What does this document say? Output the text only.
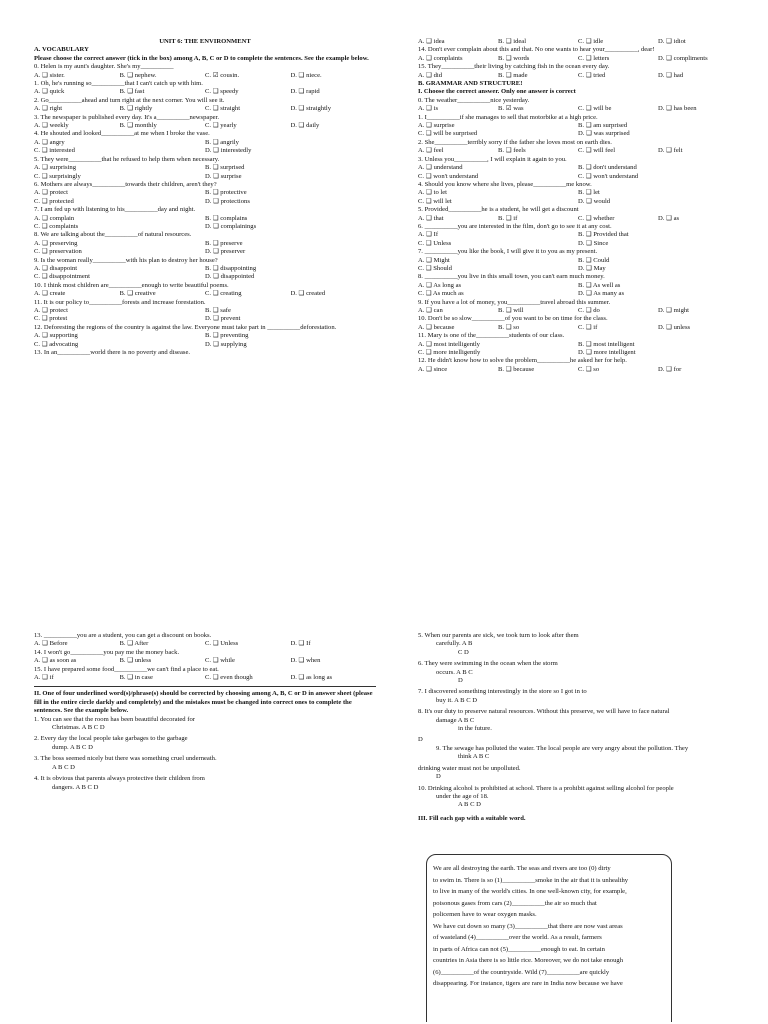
UNIT 6: THE ENVIRONMENT
A. VOCABULARY
Please choose the correct answer (tick in the box) among A, B, C or D to complete the sentences. See the example below.
0. Helen is my aunt's daughter. She's my__________
A. ❑ sister.	B. ❑ nephew.	C. ☑ cousin.	D. ❑ niece.
1. Oh, he's running so__________that I can't catch up with him.
A. ❑ quick	B. ❑ fast	C. ❑ speedy	D. ❑ rapid
2. Go__________ahead and turn right at the next corner. You will see it.
A. ❑ right	B. ❑ rightly	C. ❑ straight	D. ❑ straightly
3. The newspaper is published every day. It's a__________newspaper.
A. ❑ weekly	B. ❑ monthly	C. ❑ yearly	D. ❑ daily
4. He shouted and looked__________at me when I broke the vase.
A. ❑ angry	B. ❑ angrily
C. ❑ interested	D. ❑ interestedly
5. They were__________that he refused to help them when necessary.
A. ❑ surprising	B. ❑ surprised
C. ❑ surprisingly	D. ❑ surprise
6. Mothers are always__________towards their children, aren't they?
A. ❑ protect	B. ❑ protective
C. ❑ protected	D. ❑ protections
7. I am fed up with listening to his__________day and night.
A. ❑ complain	B. ❑ complains
C. ❑ complaints	D. ❑ complainings
8. We are talking about the__________of natural resources.
A. ❑ preserving	B. ❑ preserve
C. ❑ preservation	D. ❑ preserver
9. Is the woman really__________with his plan to destroy her house?
A. ❑ disappoint	B. ❑ disappointing
C. ❑ disappointment	D. ❑ disappointed
10. I think most children are__________enough to write beautiful poems.
A. ❑ create	B. ❑ creative	C. ❑ creating	D. ❑ created
11. It is our policy to__________forests and increase forestation.
A. ❑ protect	B. ❑ safe
C. ❑ protest	D. ❑ prevent
12. Deforesting the regions of the country is against the law. Everyone must take part in __________deforestation.
A. ❑ supporting	B. ❑ preventing
C. ❑ advocating	D. ❑ supplying
13. In an__________world there is no poverty and disease.
A. ❑ idea	B. ❑ ideal	C. ❑ idle	D. ❑ idiot
14. Don't ever complain about this and that. No one wants to hear your__________, dear!
A. ❑ complaints	B. ❑ words	C. ❑ letters	D. ❑ compliments
15. They__________their living by catching fish in the ocean every day.
A. ❑ did	B. ❑ made	C. ❑ tried	D. ❑ had
B. GRAMMAR AND STRUCTURE!
I. Choose the correct answer. Only one answer is correct
0. The weather__________nice yesterday.
A. ❑ is	B. ☑ was	C. ❑ will be	D. ❑ has been
1. I__________if she manages to sell that motorbike at a high price.
A. ❑ surprise	B. ❑ am surprised
C. ❑ will be surprised	D. ❑ was surprised
2. She__________terribly sorry if the father she loves most on earth dies.
A. ❑ feel	B. ❑ feels	C. ❑ will feel	D. ❑ felt
3. Unless you__________, I will explain it again to you.
A. ❑ understand	B. ❑ don't understand
C. ❑ won't understand	C. ❑ won't understand
4. Should you know where she lives, please__________me know.
A. ❑ to let	B. ❑ let
C. ❑ will let	D. ❑ would
5. Provided__________he is a student, he will get a discount
A. ❑ that	B. ❑ if	C. ❑ whether	D. ❑ as
6. __________you are interested in the film, don't go to see it at any cost.
A. ❑ If	B. ❑ Provided that
C. ❑ Unless	D. ❑ Since
7. __________you like the book, I will give it to you as my present.
A. ❑ Might	B. ❑ Could
C. ❑ Should	D. ❑ May
8. __________you live in this small town, you can't earn much money.
A. ❑ As long as	B. ❑ As well as
C. ❑ As much as	D. ❑ As many as
9. If you have a lot of money, you__________travel abroad this summer.
A. ❑ can	B. ❑ will	C. ❑ do	D. ❑ might
10. Don't be so slow__________of you want to be on time for the class.
A. ❑ because	B. ❑ so	C. ❑ if	D. ❑ unless
11. Mary is one of the__________students of our class.
A. ❑ most intelligently	B. ❑ most intelligent
C. ❑ more intelligently	D. ❑ more intelligent
12. He didn't know how to solve the problem__________he asked her for help.
A. ❑ since	B. ❑ because	C. ❑ so	D. ❑ for
13. __________you are a student, you can get a discount on books.
A. ❑ Before	B. ❑ After	C. ❑ Unless	D. ❑ If
14. I won't go__________you pay me the money back.
A. ❑ as soon as	B. ❑ unless	C. ❑ while	D. ❑ when
15. I have prepared some food__________we can't find a place to eat.
A. ❑ if	B. ❑ in case	C. ❑ even though	D. ❑ as long as
II. One of four underlined word(s)/phrase(s) should be corrected by choosing among A, B, C or D in answer sheet (please fill in the entire circle darkly and completely) and the mistakes must be changed into correct ones to complete the sentences. See the example below.
1. You can see that the room has been beautiful decorated for
Christmas. A B C D
2. Every day the local people take garbages to the garbage
dump. A B C D
3. The boss seemed nicely but there was something cruel underneath.
A B C D
4. It is obvious that parents always protective their children from
dangers. A B C D
5. When our parents are sick, we took turn to look after them
carefully. A B
C D
6. They were swimming in the ocean when the storm
occurs. A B C
D
7. I discovered something interestingly in the store so I got in to
buy it. A B C D
8. It's our duty to preserve natural resources. Without this preserve, we will have to face natural
damage A B C
in the future.
D
9. The sewage has polluted the water. The local people are very angry about the pollution. They
think A B C
drinking water must not be unpolluted.
D
10. Drinking alcohol is prohibited at school. There is a prohibit against selling alcohol for people
under the age of 18.
A B C D
III. Fill each gap with a suitable word.
We are all destroying the earth. The seas and rivers are too (0) dirty
to swim in. There is so (1)__________smoke in the air that it is unhealthy
to live in many of the world's cities. In one well-known city, for example,
poisonous gases from cars (2)__________the air so much that
policemen have to wear oxygen masks.
We have cut down so many (3)__________that there are now vast areas
of wasteland (4)__________over the world. As a result, farmers
in parts of Africa can not (5)__________enough to eat. In certain
countries in Asia there is so little rice. Moreover, we do not take enough
(6)__________of the countryside. Wild (7)__________are quickly
disappearing. For instance, tigers are rare in India now because we have
